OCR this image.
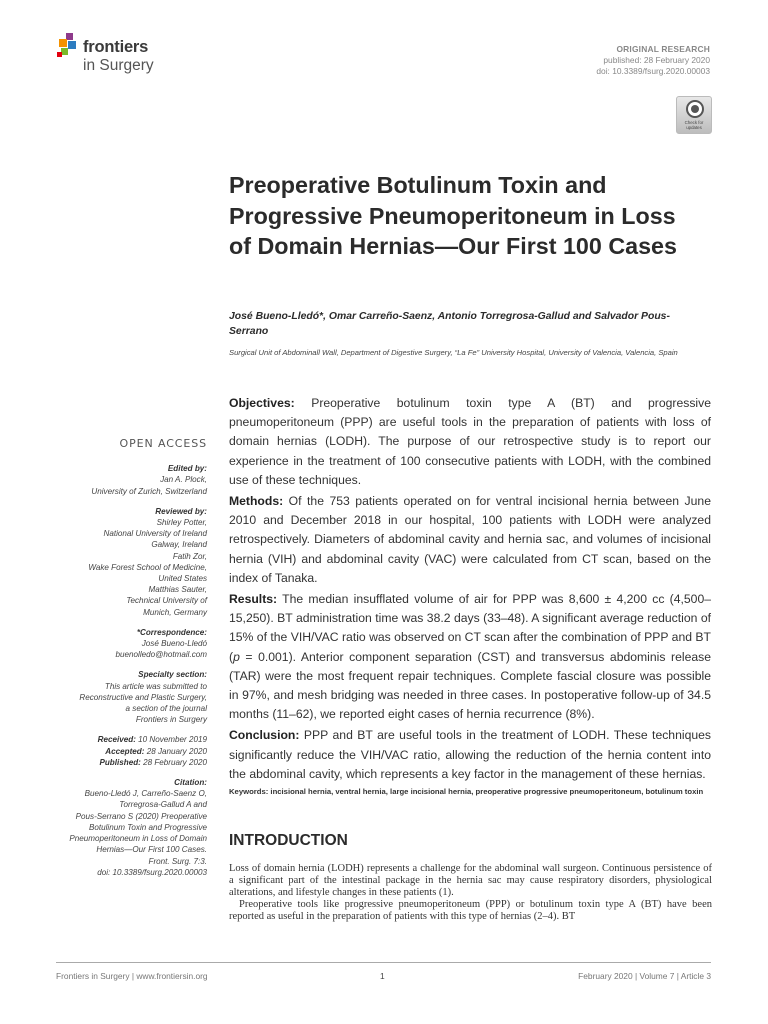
frontiers
in Surgery
ORIGINAL RESEARCH
published: 28 February 2020
doi: 10.3389/fsurg.2020.00003
Check for
updates
Preoperative Botulinum Toxin and Progressive Pneumoperitoneum in Loss of Domain Hernias—Our First 100 Cases
José Bueno-Lledó*, Omar Carreño-Saenz, Antonio Torregrosa-Gallud and Salvador Pous-Serrano
Surgical Unit of Abdominall Wall, Department of Digestive Surgery, “La Fe” University Hospital, University of Valencia, Valencia, Spain

Objectives: Preoperative botulinum toxin type A (BT) and progressive pneumoperitoneum (PPP) are useful tools in the preparation of patients with loss of domain hernias (LODH). The purpose of our retrospective study is to report our experience in the treatment of 100 consecutive patients with LODH, with the combined use of these techniques.

Methods: Of the 753 patients operated on for ventral incisional hernia between June 2010 and December 2018 in our hospital, 100 patients with LODH were analyzed retrospectively. Diameters of abdominal cavity and hernia sac, and volumes of incisional hernia (VIH) and abdominal cavity (VAC) were calculated from CT scan, based on the index of Tanaka.

Results: The median insufflated volume of air for PPP was 8,600 ± 4,200 cc (4,500–15,250). BT administration time was 38.2 days (33–48). A significant average reduction of 15% of the VIH/VAC ratio was observed on CT scan after the combination of PPP and BT (p = 0.001). Anterior component separation (CST) and transversus abdominis release (TAR) were the most frequent repair techniques. Complete fascial closure was possible in 97%, and mesh bridging was needed in three cases. In postoperative follow-up of 34.5 months (11–62), we reported eight cases of hernia recurrence (8%).

Conclusion: PPP and BT are useful tools in the treatment of LODH. These techniques significantly reduce the VIH/VAC ratio, allowing the reduction of the hernia content into the abdominal cavity, which represents a key factor in the management of these hernias.

Keywords: incisional hernia, ventral hernia, large incisional hernia, preoperative progressive pneumoperitoneum, botulinum toxin
INTRODUCTION

Loss of domain hernia (LODH) represents a challenge for the abdominal wall surgeon. Continuous persistence of a significant part of the intestinal package in the hernia sac may cause respiratory disorders, physiological alterations, and lifestyle changes in these patients (1).

Preoperative tools like progressive pneumoperitoneum (PPP) or botulinum toxin type A (BT) have been reported as useful in the preparation of patients with this type of hernias (2–4). BT

OPEN ACCESS
Edited by:
Jan A. Plock,
University of Zurich, Switzerland
Reviewed by:
Shirley Potter,
National University of Ireland
Galway, Ireland
Fatih Zor,
Wake Forest School of Medicine,
United States
Matthias Sauter,
Technical University of
Munich, Germany
*Correspondence:
José Bueno-Lledó
buenolledo@hotmail.com
Specialty section:
This article was submitted to
Reconstructive and Plastic Surgery,
a section of the journal
Frontiers in Surgery
Received: 10 November 2019
Accepted: 28 January 2020
Published: 28 February 2020
Citation:
Bueno-Lledó J, Carreño-Saenz O,
Torregrosa-Gallud A and
Pous-Serrano S (2020) Preoperative
Botulinum Toxin and Progressive
Pneumoperitoneum in Loss of Domain
Hernias—Our First 100 Cases.
Front. Surg. 7:3.
doi: 10.3389/fsurg.2020.00003
Frontiers in Surgery | www.frontiersin.org	1	February 2020 | Volume 7 | Article 3
